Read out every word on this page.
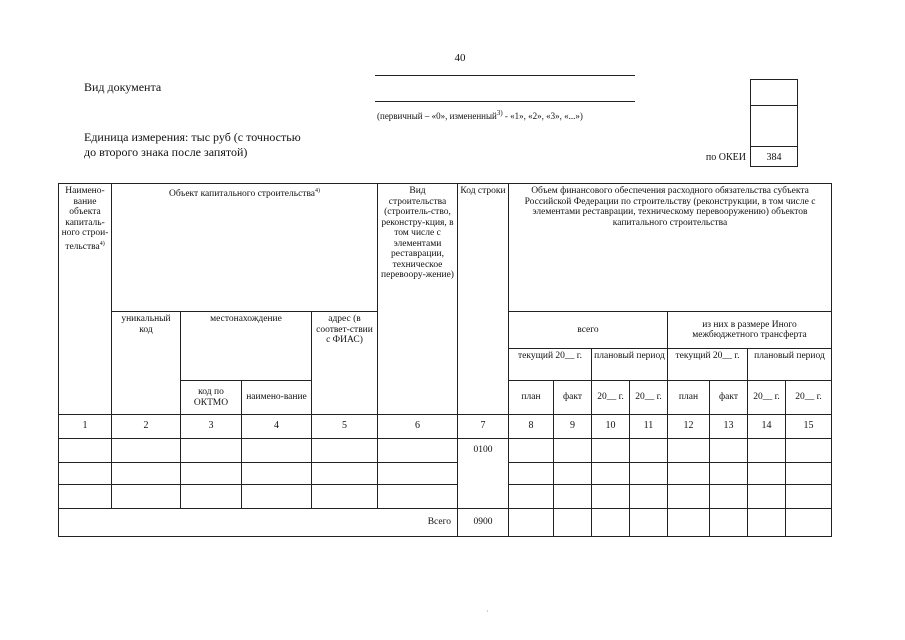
40
Вид документа
(первичный – «0», измененный$^{3)}$ - «1», «2», «3», «...»)
Единица измерения: тыс руб (с точностью
до второго знака после запятой)	по ОКЕИ	384
Наимено-вание объекта капиталь-ного строи-тельства$^{4)}$	Объект капитального строительства$^{4)}$				Вид строительства (строитель-ство, реконстру-кция, в том числе с элементами реставрации, техническое перевоору-жение)	Код строки	Объем финансового обеспечения расходного обязательства субъекта Российской Федерации по строительству (реконструкции, в том числе с элементами реставрации, техническому перевооружению) объектов капитального строительства							
	уникальный код	местонахождение		адрес (в соответ-ствии с ФИАС)			всего				из них в размере Иного межбюджетного трансферта			
							текущий 20__ г.		плановый период		текущий 20__ г.		плановый период	
		код по ОКТМО	наимено-вание				план	факт	20__ г.	20__ г.	план	факт	20__ г.	20__ г.
1	2	3	4	5	6	7	8	9	10	11	12	13	14	15
						0100								

Всего						0900								
·
